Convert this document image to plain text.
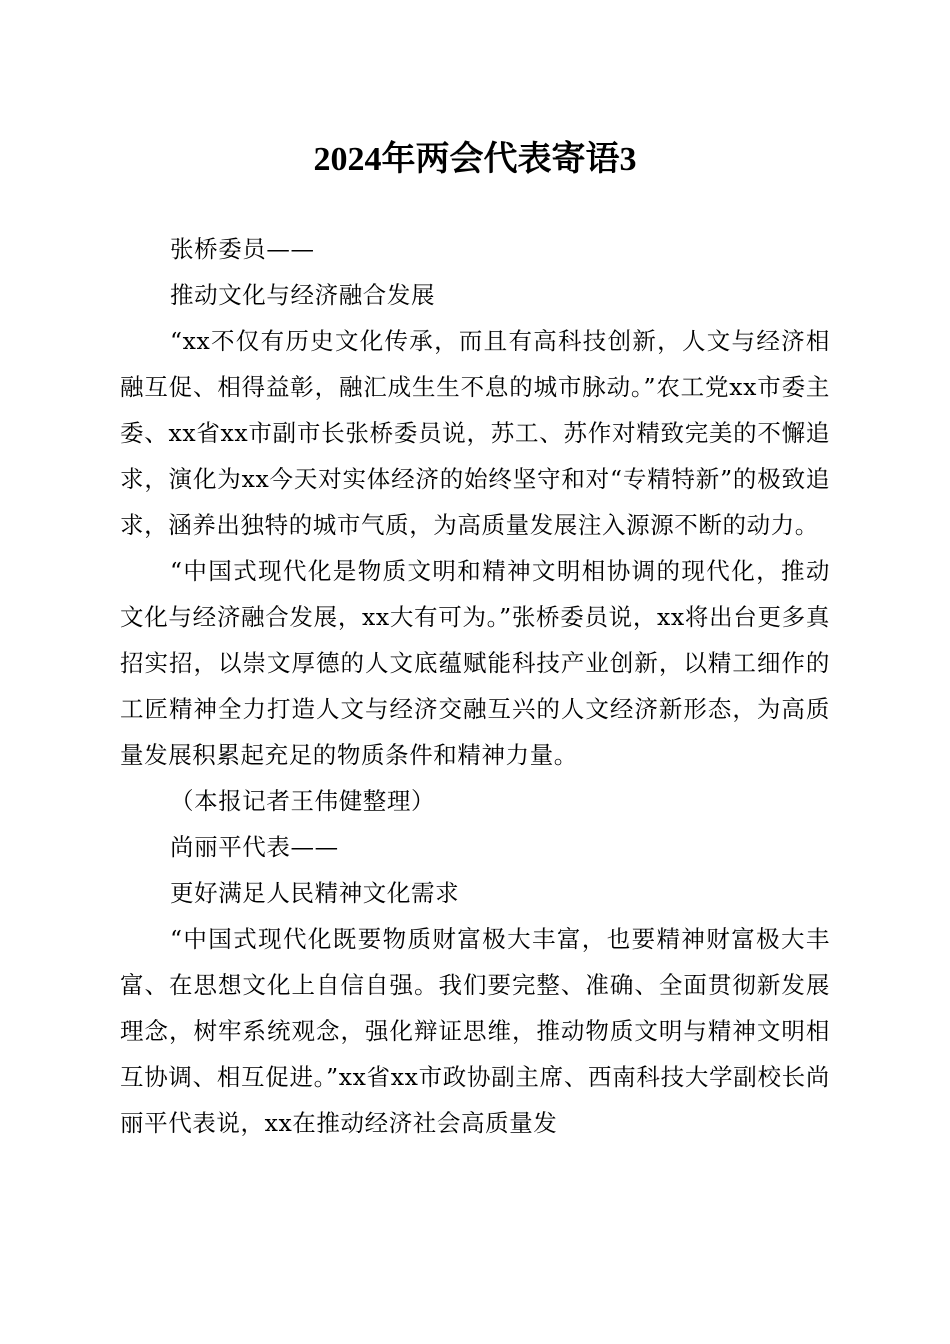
2024年两会代表寄语3

张桥委员——

推动文化与经济融合发展

“xx不仅有历史文化传承，而且有高科技创新，人文与经济相融互促、相得益彰，融汇成生生不息的城市脉动。”农工党xx市委主委、xx省xx市副市长张桥委员说，苏工、苏作对精致完美的不懈追求，演化为xx今天对实体经济的始终坚守和对“专精特新”的极致追求，涵养出独特的城市气质，为高质量发展注入源源不断的动力。

“中国式现代化是物质文明和精神文明相协调的现代化，推动文化与经济融合发展，xx大有可为。”张桥委员说，xx将出台更多真招实招，以崇文厚德的人文底蕴赋能科技产业创新，以精工细作的工匠精神全力打造人文与经济交融互兴的人文经济新形态，为高质量发展积累起充足的物质条件和精神力量。

（本报记者王伟健整理）

尚丽平代表——

更好满足人民精神文化需求

“中国式现代化既要物质财富极大丰富，也要精神财富极大丰富、在思想文化上自信自强。我们要完整、准确、全面贯彻新发展理念，树牢系统观念，强化辩证思维，推动物质文明与精神文明相互协调、相互促进。”xx省xx市政协副主席、西南科技大学副校长尚丽平代表说，xx在推动经济社会高质量发
